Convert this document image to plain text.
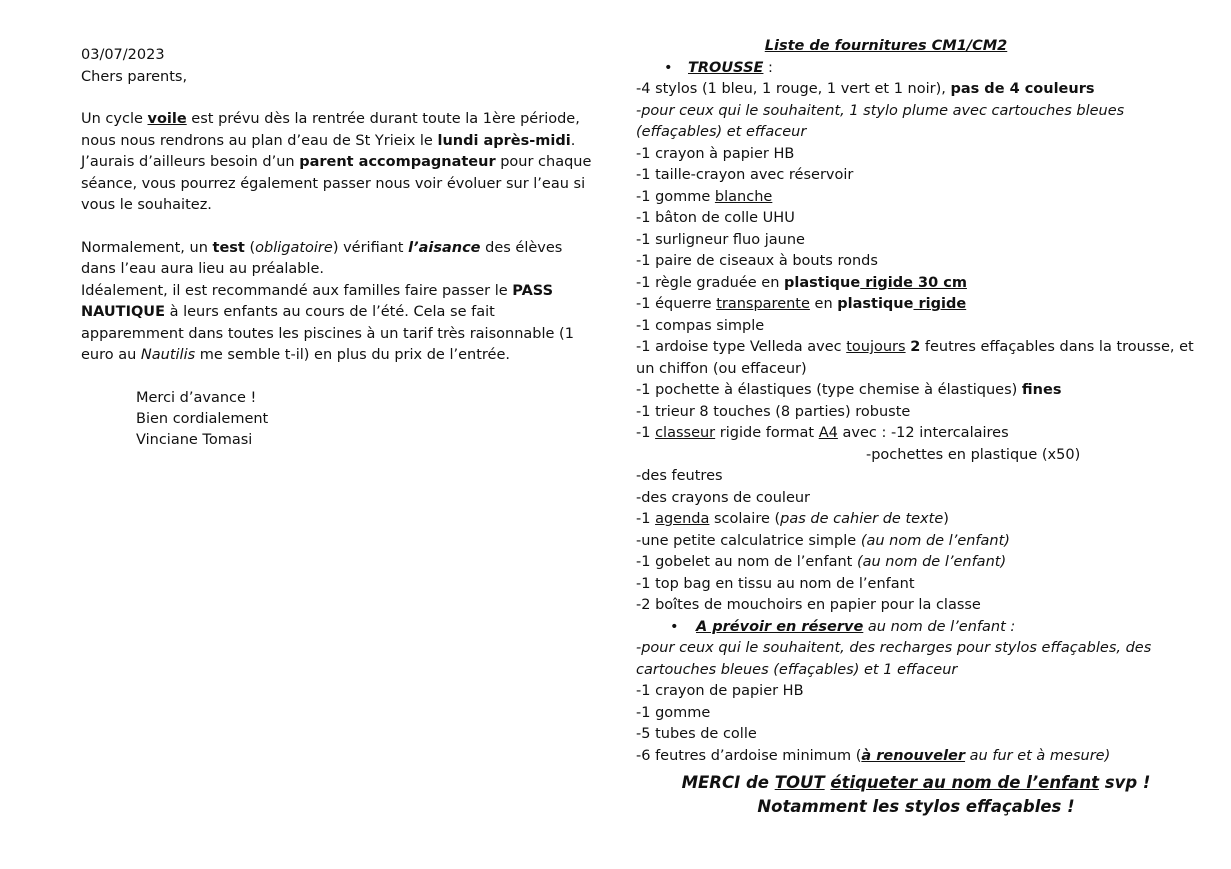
03/07/2023

Chers parents,

Un cycle voile est prévu dès la rentrée durant toute la 1ère période, nous nous rendrons au plan d’eau de St Yrieix le lundi après-midi. J’aurais d’ailleurs besoin d’un parent accompagnateur pour chaque séance, vous pourrez également passer nous voir évoluer sur l’eau si vous le souhaitez.

Normalement, un test (obligatoire) vérifiant l’aisance des élèves dans l’eau aura lieu au préalable.

Idéalement, il est recommandé aux familles faire passer le PASS NAUTIQUE à leurs enfants au cours de l’été. Cela se fait apparemment dans toutes les piscines à un tarif très raisonnable (1 euro au Nautilis me semble t-il) en plus du prix de l’entrée.

Merci d’avance !

Bien cordialement

Vinciane Tomasi

Liste de fournitures CM1/CM2
• TROUSSE :
-4 stylos (1 bleu, 1 rouge, 1 vert et 1 noir), pas de 4 couleurs
-pour ceux qui le souhaitent, 1 stylo plume avec cartouches bleues (effaçables) et effaceur
-1 crayon à papier HB
-1 taille-crayon avec réservoir
-1 gomme blanche
-1 bâton de colle UHU
-1 surligneur fluo jaune
-1 paire de ciseaux à bouts ronds
-1 règle graduée en plastique rigide 30 cm
-1 équerre transparente en plastique rigide
-1 compas simple
-1 ardoise type Velleda avec toujours 2 feutres effaçables dans la trousse, et un chiffon (ou effaceur)
-1 pochette à élastiques (type chemise à élastiques) fines
-1 trieur 8 touches (8 parties) robuste
-1 classeur rigide format A4 avec : -12 intercalaires
-pochettes en plastique (x50)
-des feutres
-des crayons de couleur
-1 agenda scolaire (pas de cahier de texte)
-une petite calculatrice simple (au nom de l’enfant)
-1 gobelet au nom de l’enfant (au nom de l’enfant)
-1 top bag en tissu au nom de l’enfant
-2 boîtes de mouchoirs en papier pour la classe
• A prévoir en réserve au nom de l’enfant :
-pour ceux qui le souhaitent, des recharges pour stylos effaçables, des cartouches bleues (effaçables) et 1 effaceur
-1 crayon de papier HB
-1 gomme
-5 tubes de colle
-6 feutres d’ardoise minimum (à renouveler au fur et à mesure)
MERCI de TOUT étiqueter au nom de l’enfant svp !
Notamment les stylos effaçables !
